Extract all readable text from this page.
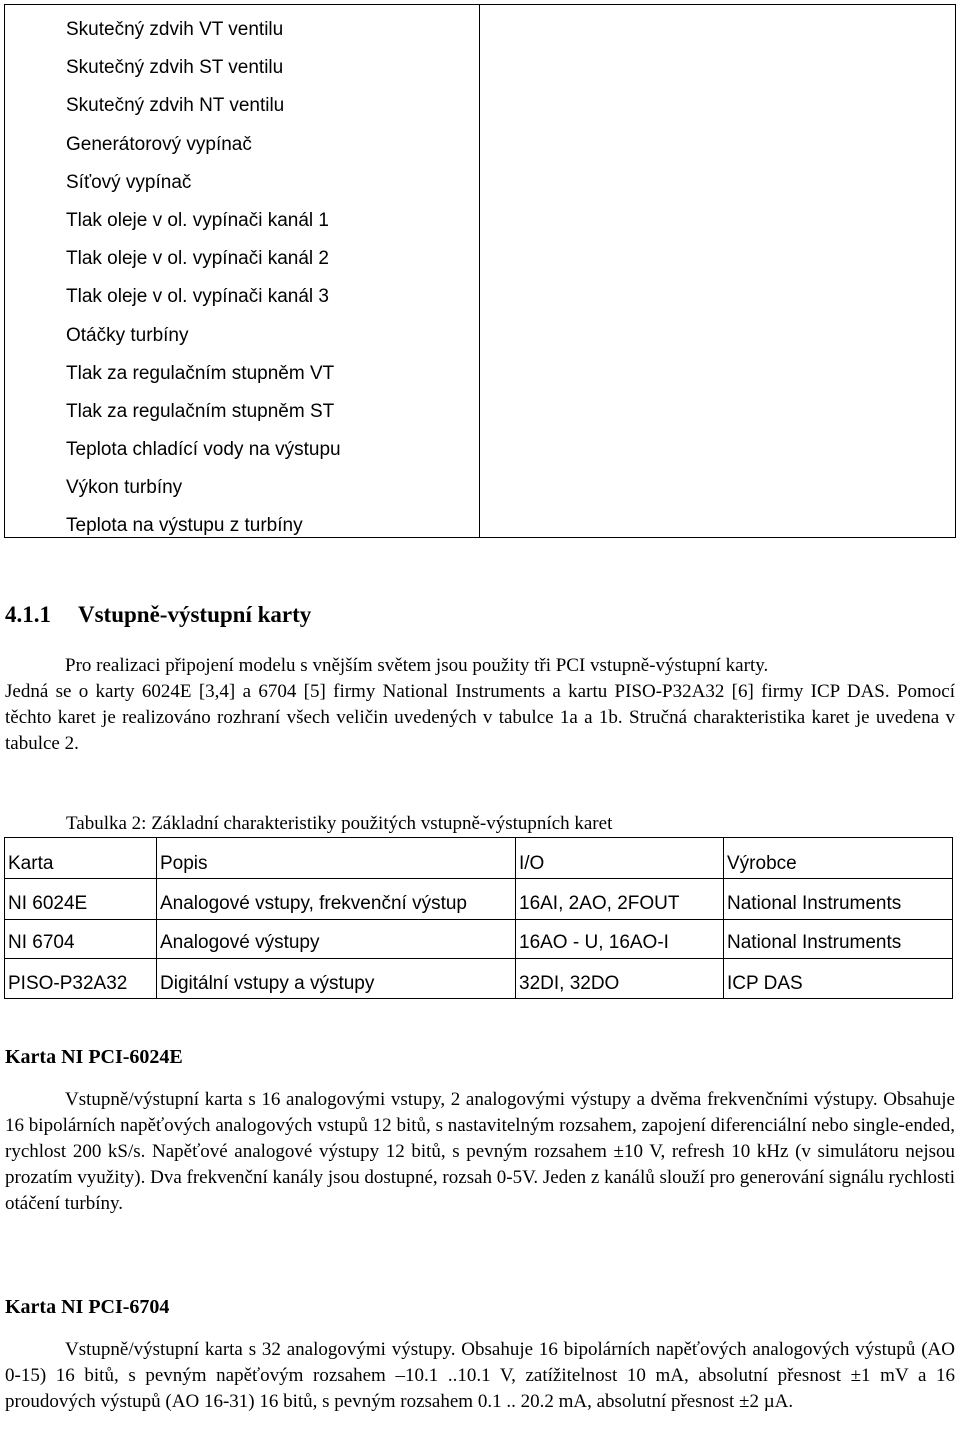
Skutečný zdvih VT ventilu
Skutečný zdvih ST ventilu
Skutečný zdvih NT ventilu
Generátorový vypínač
Síťový vypínač
Tlak oleje v ol. vypínači kanál 1
Tlak oleje v ol. vypínači kanál 2
Tlak oleje v ol. vypínači kanál 3
Otáčky turbíny
Tlak za regulačním stupněm VT
Tlak za regulačním stupněm ST
Teplota chladící vody na výstupu
Výkon turbíny
Teplota na výstupu z turbíny
4.1.1 Vstupně-výstupní karty
Pro realizaci připojení modelu s vnějším světem jsou použity tři PCI vstupně-výstupní karty.
Jedná se o karty 6024E [3,4] a 6704 [5] firmy National Instruments a kartu PISO-P32A32 [6] firmy ICP DAS. Pomocí těchto karet je realizováno rozhraní všech veličin uvedených v tabulce 1a a 1b. Stručná charakteristika karet je uvedena v tabulce 2.
Tabulka 2: Základní charakteristiky použitých vstupně-výstupních karet
Karta	Popis	I/O	Výrobce
NI 6024E	Analogové vstupy, frekvenční výstup	16AI, 2AO, 2FOUT	National Instruments
NI 6704	Analogové výstupy	16AO - U, 16AO-I	National Instruments
PISO-P32A32	Digitální vstupy a výstupy	32DI, 32DO	ICP DAS
Karta NI PCI-6024E
Vstupně/výstupní karta s 16 analogovými vstupy, 2 analogovými výstupy a dvěma frekvenčními výstupy. Obsahuje 16 bipolárních napěťových analogových vstupů 12 bitů, s nastavitelným rozsahem, zapojení diferenciální nebo single-ended, rychlost 200 kS/s. Napěťové analogové výstupy 12 bitů, s pevným rozsahem ±10 V, refresh 10 kHz (v simulátoru nejsou prozatím využity). Dva frekvenční kanály jsou dostupné, rozsah 0-5V. Jeden z kanálů slouží pro generování signálu rychlosti otáčení turbíny.
Karta NI PCI-6704
Vstupně/výstupní karta s 32 analogovými výstupy. Obsahuje 16 bipolárních napěťových analogových výstupů (AO 0-15) 16 bitů, s pevným napěťovým rozsahem –10.1 ..10.1 V, zatížitelnost 10 mA, absolutní přesnost ±1 mV a 16 proudových výstupů (AO 16-31) 16 bitů, s pevným rozsahem 0.1 .. 20.2 mA, absolutní přesnost ±2 µA.
